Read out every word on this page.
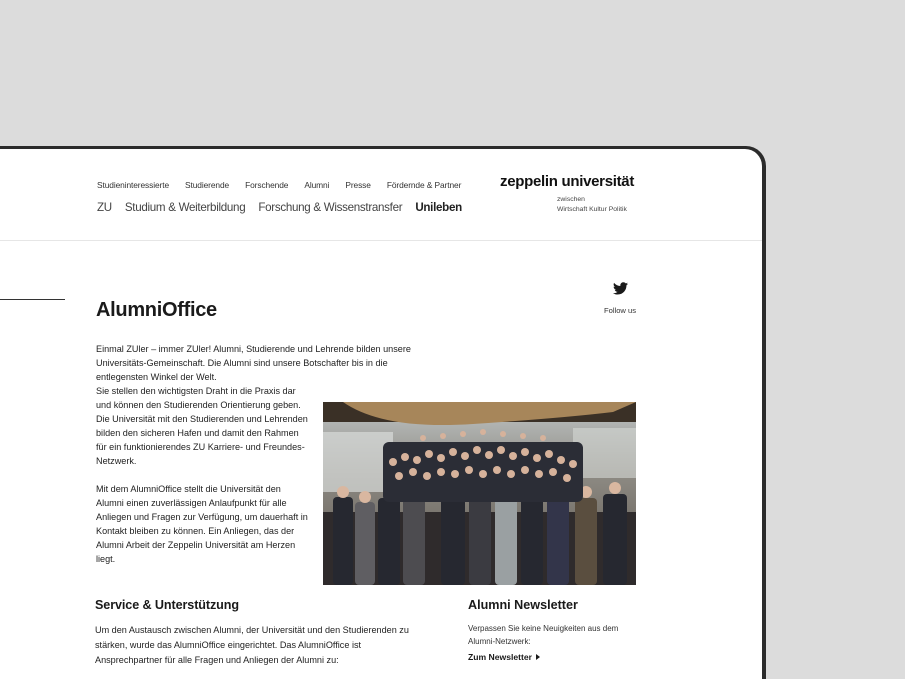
Studieninteressierte Studierende Forschende Alumni Presse Fördernde & Partner
ZU Studium & Weiterbildung Forschung & Wissenstransfer Unileben
zeppelin universität
zwischen
Wirtschaft Kultur Politik
Follow us
AlumniOffice

Einmal ZUler – immer ZUler! Alumni, Studierende und Lehrende bilden unsere Universitäts-Gemeinschaft. Die Alumni sind unsere Botschafter bis in die entlegensten Winkel der Welt.

Sie stellen den wichtigsten Draht in die Praxis dar und können den Studierenden Orientierung geben. Die Universität mit den Studierenden und Lehrenden bilden den sicheren Hafen und damit den Rahmen für ein funktionierendes ZU Karriere- und Freundes-Netzwerk.

Mit dem AlumniOffice stellt die Universität den Alumni einen zuverlässigen Anlaufpunkt für alle Anliegen und Fragen zur Verfügung, um dauerhaft in Kontakt bleiben zu können. Ein Anliegen, das der Alumni Arbeit der Zeppelin Universität am Herzen liegt.

Service & Unterstützung

Um den Austausch zwischen Alumni, der Universität und den Studierenden zu stärken, wurde das AlumniOffice eingerichtet. Das AlumniOffice ist Ansprechpartner für alle Fragen und Anliegen der Alumni zu:

Alumni Newsletter

Verpassen Sie keine Neuigkeiten aus dem Alumni-Netzwerk:

Zum Newsletter
